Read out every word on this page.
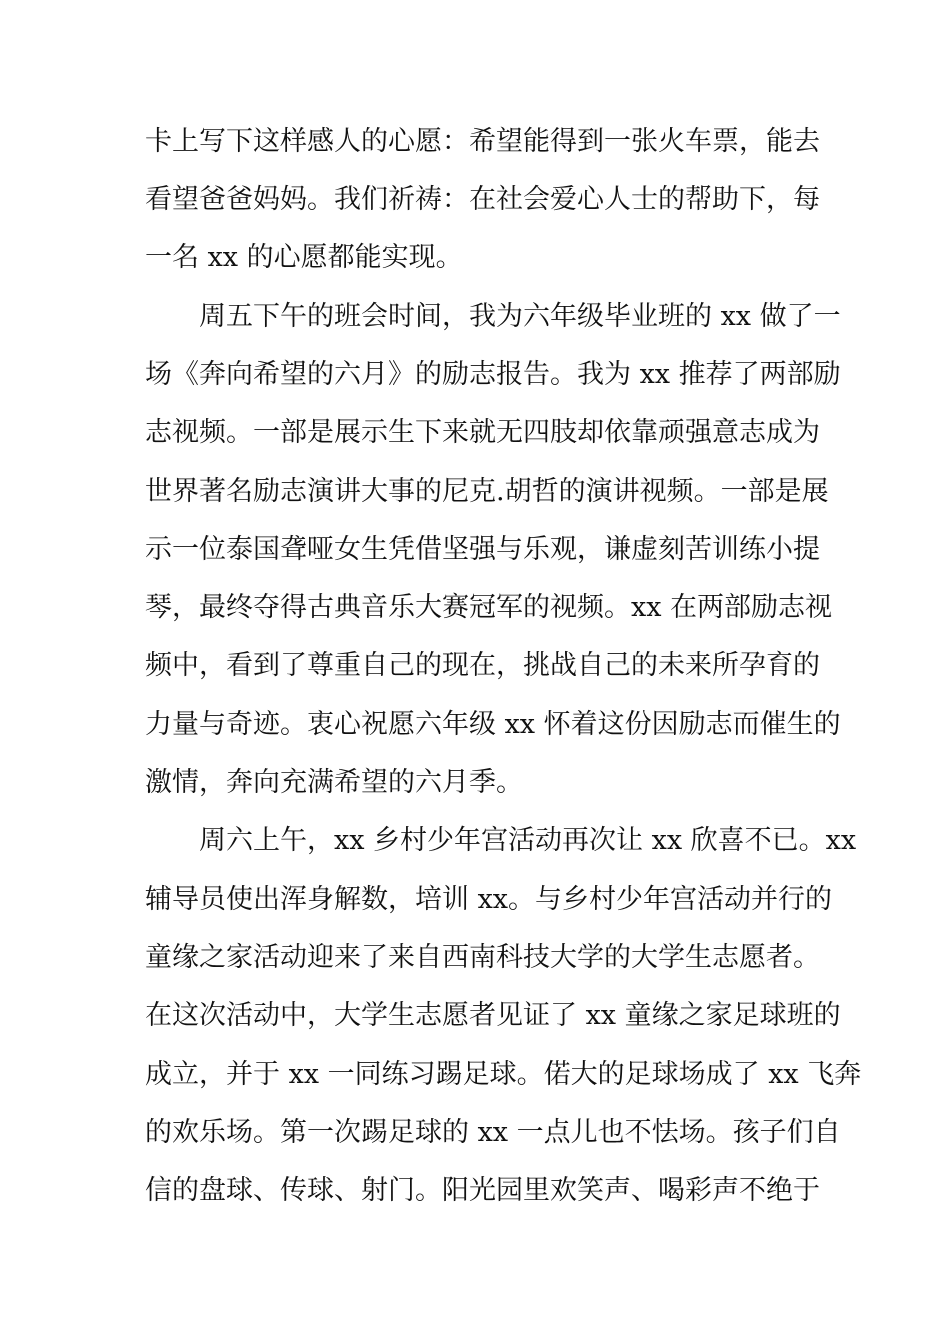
卡上写下这样感人的心愿：希望能得到一张火车票，能去
看望爸爸妈妈。我们祈祷：在社会爱心人士的帮助下，每
一名 xx 的心愿都能实现。
周五下午的班会时间，我为六年级毕业班的 xx 做了一
场《奔向希望的六月》的励志报告。我为 xx 推荐了两部励
志视频。一部是展示生下来就无四肢却依靠顽强意志成为
世界著名励志演讲大事的尼克.胡哲的演讲视频。一部是展
示一位泰国聋哑女生凭借坚强与乐观，谦虚刻苦训练小提
琴，最终夺得古典音乐大赛冠军的视频。xx 在两部励志视
频中，看到了尊重自己的现在，挑战自己的未来所孕育的
力量与奇迹。衷心祝愿六年级 xx 怀着这份因励志而催生的
激情，奔向充满希望的六月季。
周六上午，xx 乡村少年宫活动再次让 xx 欣喜不已。xx
辅导员使出浑身解数，培训 xx。与乡村少年宫活动并行的
童缘之家活动迎来了来自西南科技大学的大学生志愿者。
在这次活动中，大学生志愿者见证了 xx 童缘之家足球班的
成立，并于 xx 一同练习踢足球。偌大的足球场成了 xx 飞奔
的欢乐场。第一次踢足球的 xx 一点儿也不怯场。孩子们自
信的盘球、传球、射门。阳光园里欢笑声、喝彩声不绝于
